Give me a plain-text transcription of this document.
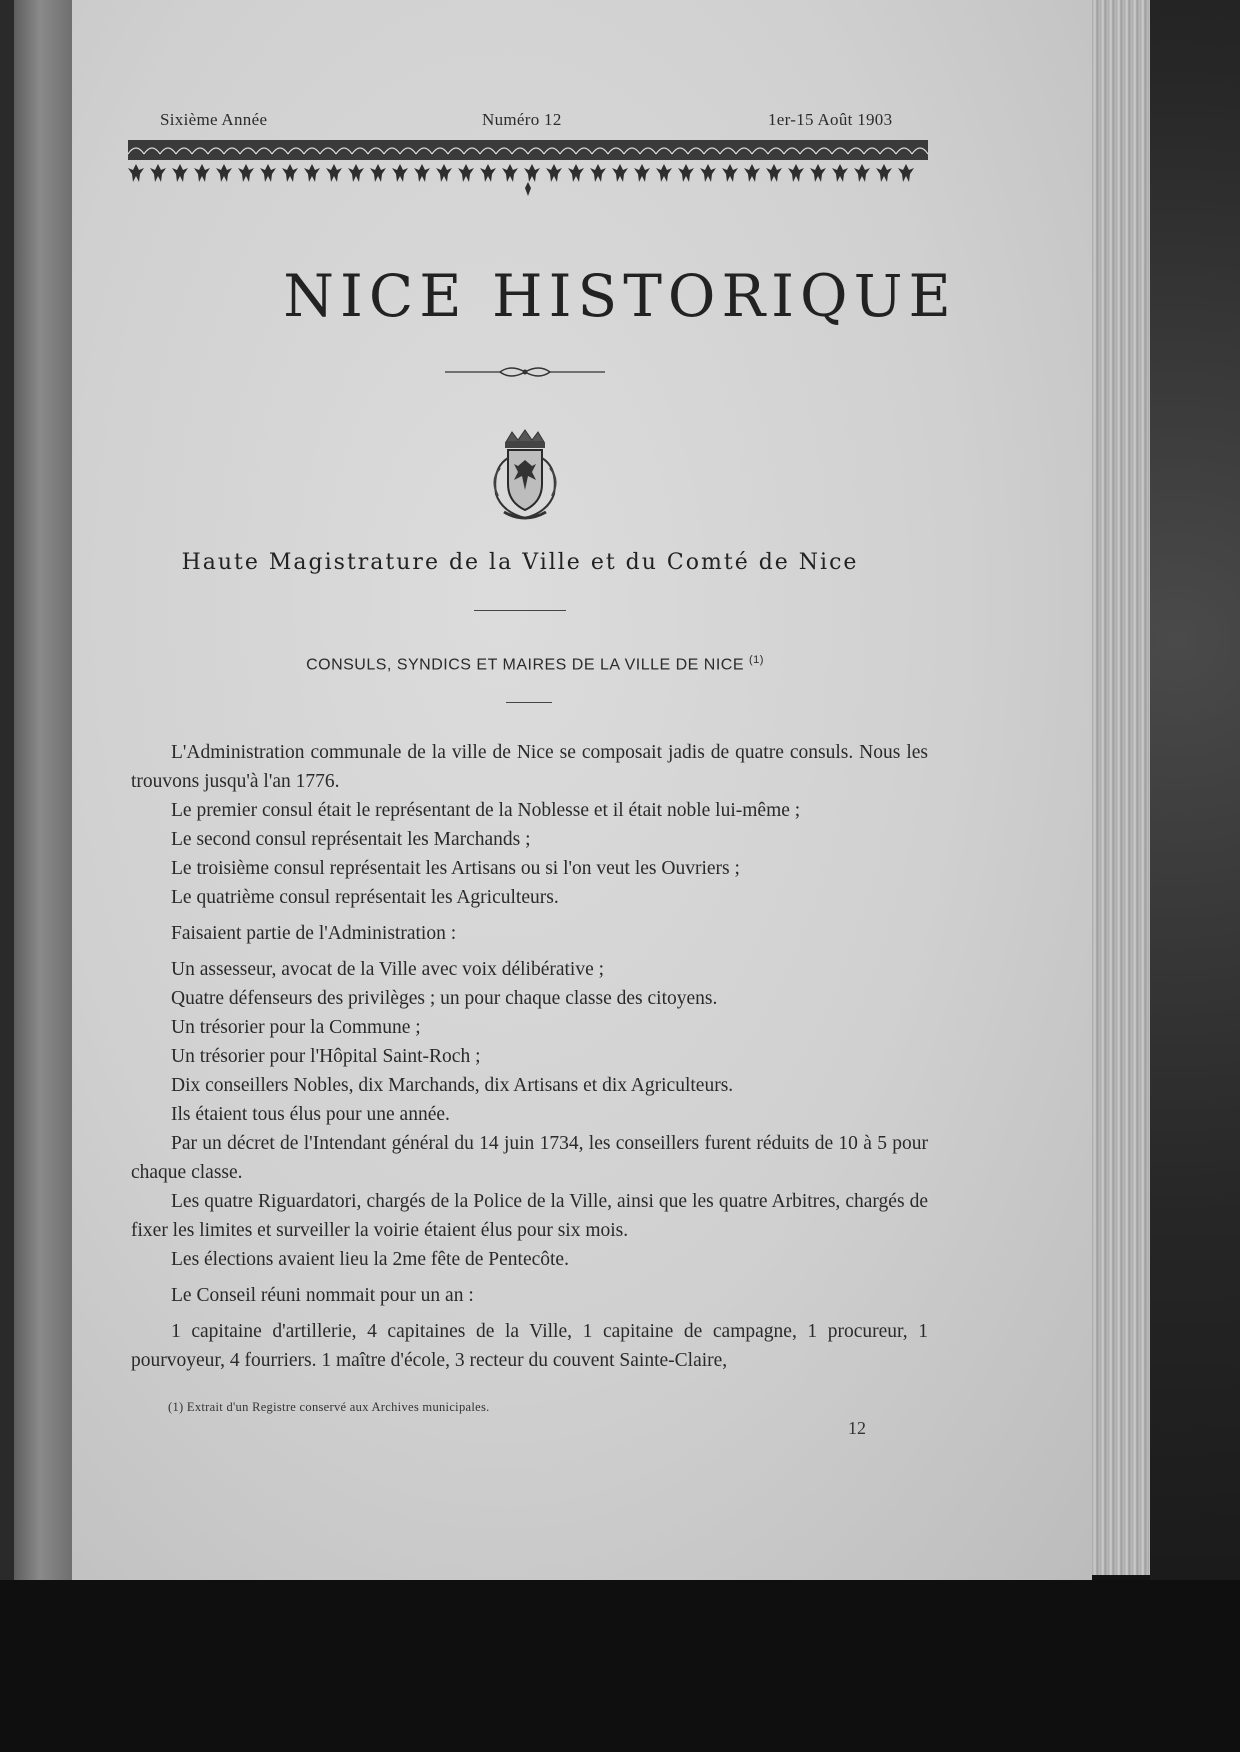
Sixième Année	Numéro 12	1er-15 Août 1903
NICE HISTORIQUE
Haute Magistrature de la Ville et du Comté de Nice
CONSULS, SYNDICS ET MAIRES DE LA VILLE DE NICE $^{(1)}$

L'Administration communale de la ville de Nice se composait jadis de quatre consuls. Nous les trouvons jusqu'à l'an 1776.

Le premier consul était le représentant de la Noblesse et il était noble lui-même ;

Le second consul représentait les Marchands ;

Le troisième consul représentait les Artisans ou si l'on veut les Ouvriers ;

Le quatrième consul représentait les Agriculteurs.

Faisaient partie de l'Administration :

Un assesseur, avocat de la Ville avec voix délibérative ;

Quatre défenseurs des privilèges ; un pour chaque classe des citoyens.

Un trésorier pour la Commune ;

Un trésorier pour l'Hôpital Saint-Roch ;

Dix conseillers Nobles, dix Marchands, dix Artisans et dix Agriculteurs.

Ils étaient tous élus pour une année.

Par un décret de l'Intendant général du 14 juin 1734, les conseillers furent réduits de 10 à 5 pour chaque classe.

Les quatre Riguardatori, chargés de la Police de la Ville, ainsi que les quatre Arbitres, chargés de fixer les limites et surveiller la voirie étaient élus pour six mois.

Les élections avaient lieu la 2me fête de Pentecôte.

Le Conseil réuni nommait pour un an :

1 capitaine d'artillerie, 4 capitaines de la Ville, 1 capitaine de campagne, 1 procureur, 1 pourvoyeur, 4 fourriers. 1 maître d'école, 3 recteur du couvent Sainte-Claire,

(1) Extrait d'un Registre conservé aux Archives municipales.
12
